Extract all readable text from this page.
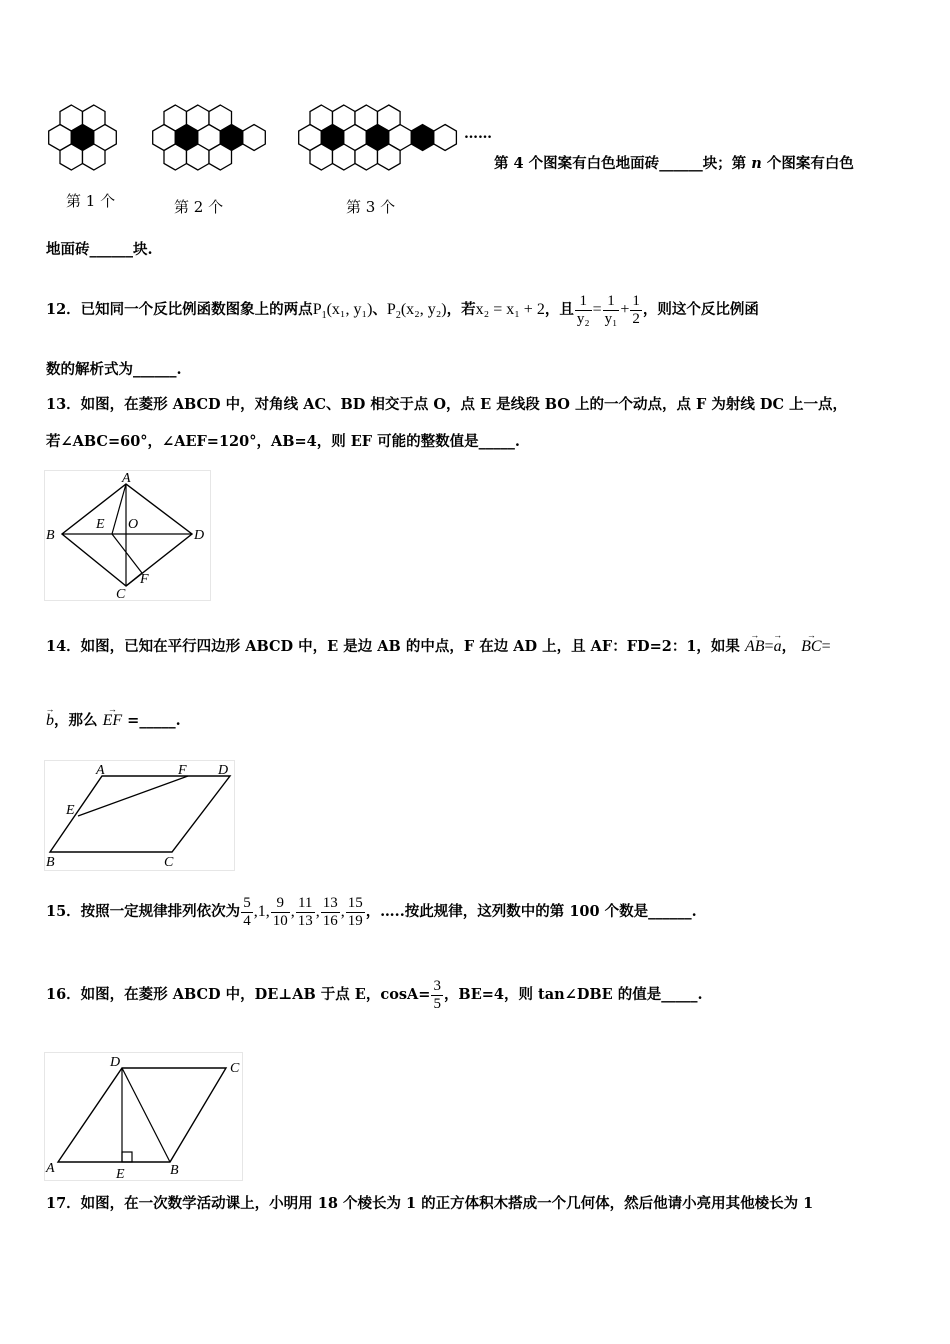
第 1 个	第 2 个	第 3 个
……
第 4 个图案有白色地面砖______块；第 n 个图案有白色
地面砖______块.
12．已知同一个反比例函数图象上的两点$P_1(x_1$, y₁)、$P_2(x_2$, y₂)，若x₂ = x₁ + 2，且 $\frac{1}{\text{y₂}} = \frac{1}{\text{y₁}} + \frac{1}{2}$ ，则这个反比例函
数的解析式为______.
13．如图，在菱形 ABCD 中，对角线 AC、BD 相交于点 O，点 E 是线段 BO 上的一个动点，点 F 为射线 DC 上一点，
若∠ABC=60°，∠AEF=120°，AB=4，则 EF 可能的整数值是_____.
A
B	D
C
E O
F
14．如图，已知在平行四边形 ABCD 中，E 是边 AB 的中点，F 在边 AD 上，且 AF：FD=2：1，如果 → AB=→ a， → BC=
→ b，那么 → EF =_____.
A	F D
E
B	C
15．按照一定规律排列依次为 $\frac{5}{4} ,1$, $\frac{9}{10}$ , $\frac{11}{13}$ , $\frac{13}{16}$ , $\frac{15}{19}$ ，…..按此规律，这列数中的第 100 个数是______.
16．如图，在菱形 ABCD 中，DE⊥AB 于点 E，$\cos A= \frac{3}{5}$ ，BE=4，则 tan∠DBE 的值是_____.
D	C
A	B
E
17．如图，在一次数学活动课上，小明用 18 个棱长为 1 的正方体积木搭成一个几何体，然后他请小亮用其他棱长为 1
